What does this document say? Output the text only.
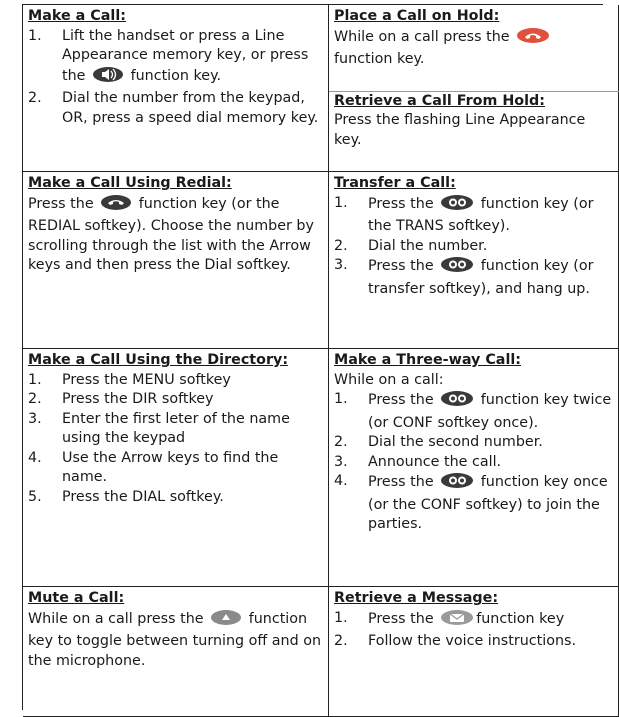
Make a Call:
1.	Lift the handset or press a Line Appearance memory key, or press the	function key.
2.	Dial the number from the keypad, OR, press a speed dial memory key.
Place a Call on Hold:

While on a call press the
function key.

Retrieve a Call From Hold:

Press the flashing Line Appearance key.

Make a Call Using Redial:

Press the	function key (or the REDIAL softkey). Choose the number by scrolling through the list with the Arrow keys and then press the Dial softkey.

Transfer a Call:
1.	Press the	function key (or the TRANS softkey).
2.	Dial the number.
3.	Press the	function key (or transfer softkey), and hang up.
Make a Call Using the Directory:
1.	Press the MENU softkey
2.	Press the DIR softkey
3.	Enter the first leter of the name using the keypad
4.	Use the Arrow keys to find the name.
5.	Press the DIAL softkey.
Make a Three-way Call:
While on a call:
1.	Press the	function key twice (or CONF softkey once).
2.	Dial the second number.
3.	Announce the call.
4.	Press the	function key once (or the CONF softkey) to join the parties.
Mute a Call:

While on a call press the	function key to toggle between turning off and on the microphone.

Retrieve a Message:
1.	Press the	function key
2.	Follow the voice instructions.
